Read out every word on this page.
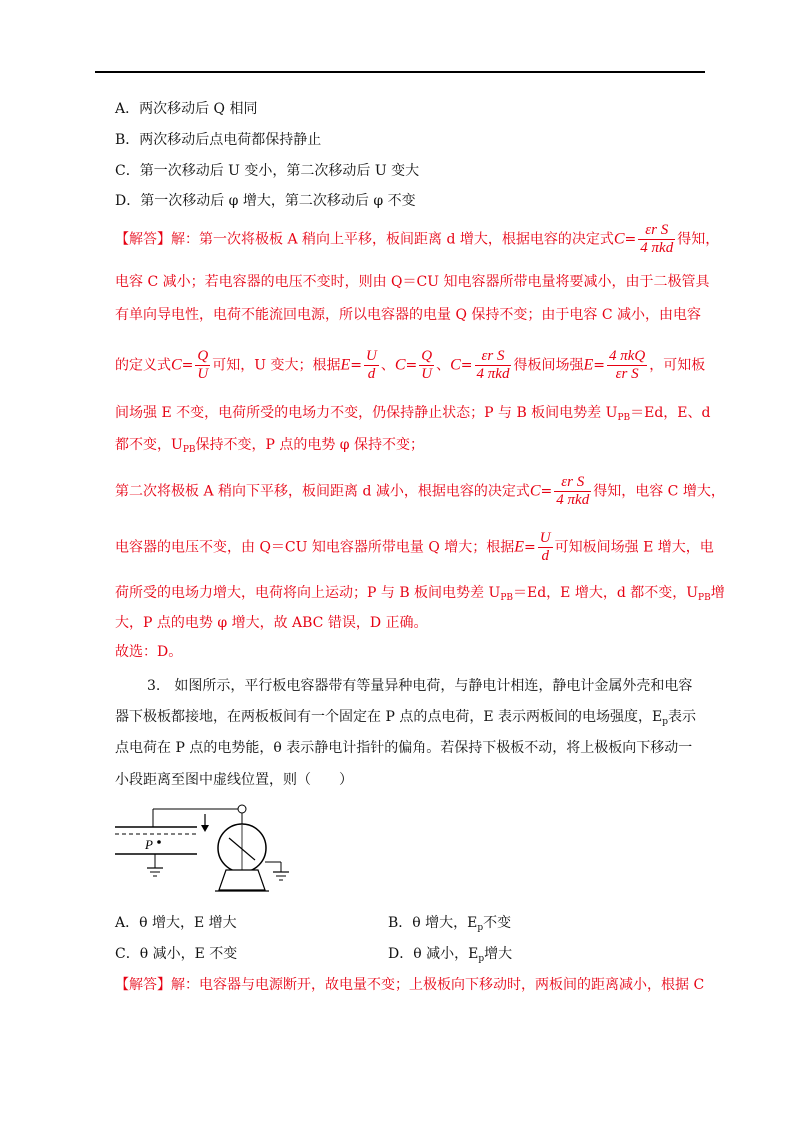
A．两次移动后 Q 相同
B．两次移动后点电荷都保持静止
C．第一次移动后 U 变小，第二次移动后 U 变大
D．第一次移动后 φ 增大，第二次移动后 φ 不变
【解答】解：第一次将极板 A 稍向上平移，板间距离 d 增大，根据电容的决定式$C= \frac{\text{εr S}}{\text{4 πkd}}$ 得知，
电容 C 减小；若电容器的电压不变时，则由 Q＝CU 知电容器所带电量将要减小，由于二极管具
有单向导电性，电荷不能流回电源，所以电容器的电量 Q 保持不变；由于电容 C 减小，由电容
的定义式$C= \frac{Q}{U}$ 可知，U 变大；根据$E= \frac{U}{d}$ 、$C= \frac{Q}{U}$ 、$C= \frac{\text{εr S}}{\text{4 πkd}}$ 得板间场强$E= \frac{\text{4 πkQ}}{\text{εr S}}$ ，可知板
间场强 E 不变，电荷所受的电场力不变，仍保持静止状态；P 与 B 板间电势差 $U_{PB}=Ed$，E、d
都不变，$U_{PB}$保持不变，P 点的电势 φ 保持不变；
第二次将极板 A 稍向下平移，板间距离 d 减小，根据电容的决定式$C= \frac{\text{εr S}}{\text{4 πkd}}$ 得知，电容 C 增大，
电容器的电压不变，由 Q＝CU 知电容器所带电量 Q 增大；根据$E= \frac{U}{d}$ 可知板间场强 E 增大，电
荷所受的电场力增大，电荷将向上运动；P 与 B 板间电势差 $U_{PB}=Ed$，E 增大，d 都不变，$U_{PB}$增
大，P 点的电势 φ 增大，故 ABC 错误，D 正确。
故选：D。
3.　如图所示，平行板电容器带有等量异种电荷，与静电计相连，静电计金属外壳和电容
器下极板都接地，在两板板间有一个固定在 P 点的点电荷，E 表示两板间的电场强度，$E_p$表示
点电荷在 P 点的电势能，θ 表示静电计指针的偏角。若保持下极板不动，将上极板向下移动一
小段距离至图中虚线位置，则（　　）
P
A．θ 增大，E 增大	B．θ 增大，$E_p$不变
C．θ 减小，E 不变	D．θ 减小，$E_p$增大
【解答】解：电容器与电源断开，故电量不变；上极板向下移动时，两板间的距离减小，根据 C
